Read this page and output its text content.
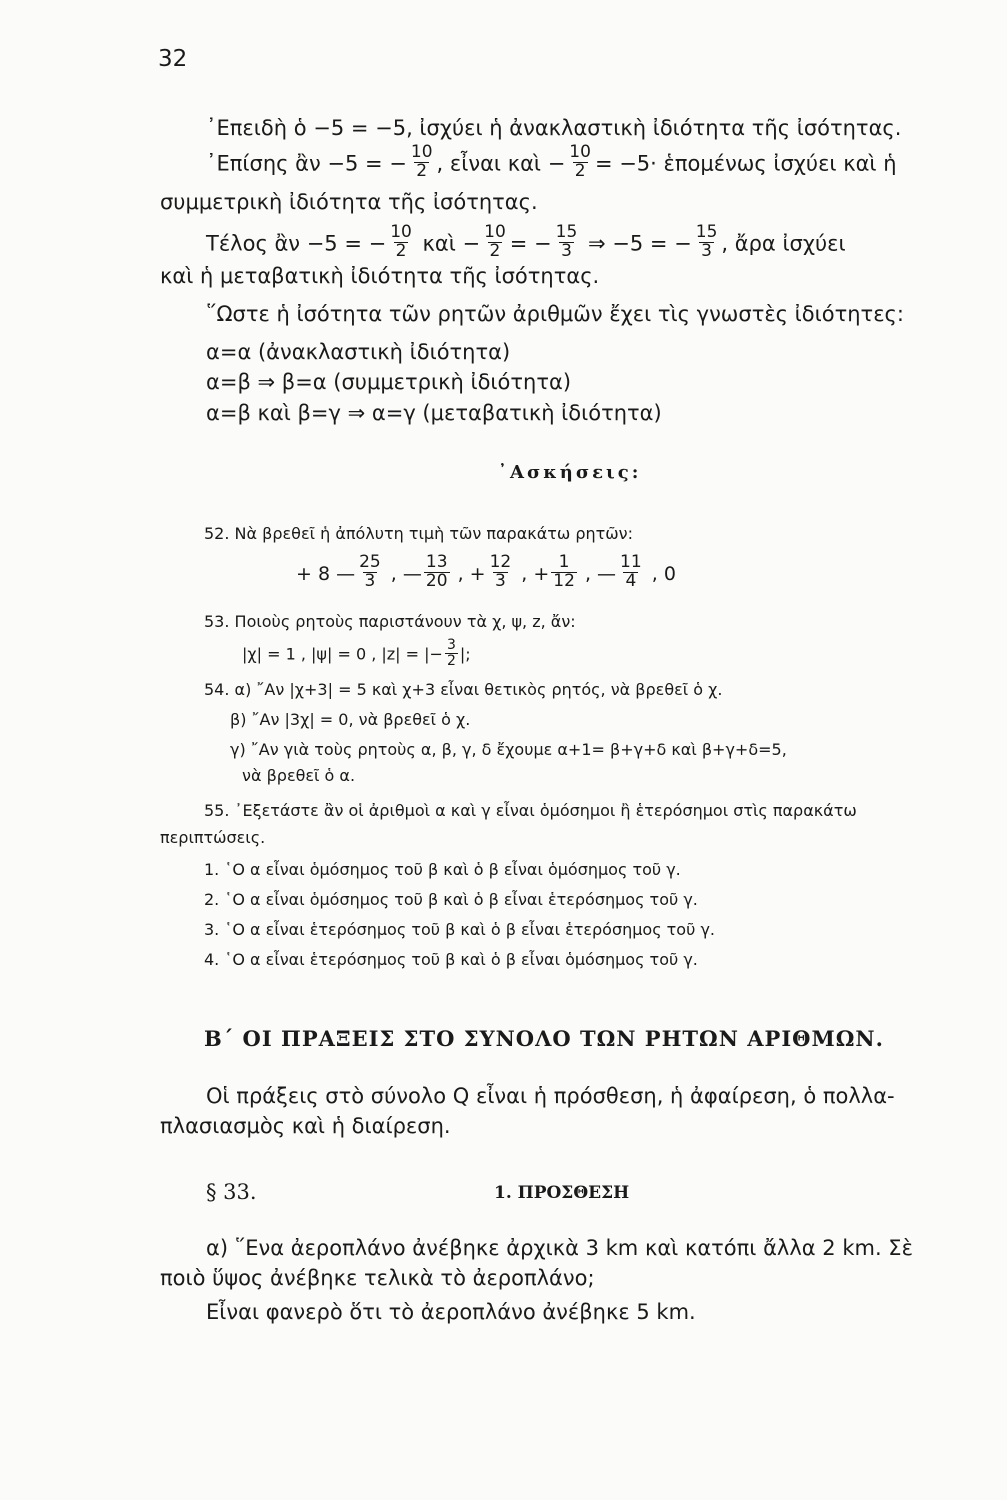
32
᾿Επειδὴ ὁ −5 = −5, ἰσχύει ἡ ἀνακλαστικὴ ἰδιότητα τῆς ἰσότητας.
᾿Επίσης ἂν −5 = − $\frac{10}{2}$ , εἶναι καὶ − $\frac{10}{2} = -5\cdot$ ἑπομένως ἰσχύει καὶ ἡ
συμμετρικὴ ἰδιότητα τῆς ἰσότητας.
Τέλος ἂν −5 = − $\frac{10}{2}$ καὶ − $\frac{10}{2}$ = − $\frac{15}{3}$ ⇒ −5 = − $\frac{15}{3}$ , ἄρα ἰσχύει
καὶ ἡ μεταβατικὴ ἰδιότητα τῆς ἰσότητας.
῞Ωστε ἡ ἰσότητα τῶν ρητῶν ἀριθμῶν ἔχει τὶς γνωστὲς ἰδιότητες:
α=α (ἀνακλαστικὴ ἰδιότητα)
α=β ⇒ β=α (συμμετρικὴ ἰδιότητα)
α=β καὶ β=γ ⇒ α=γ (μεταβατικὴ ἰδιότητα)
᾿Ασκήσεις:
52. Νὰ βρεθεῖ ἡ ἀπόλυτη τιμὴ τῶν παρακάτω ρητῶν:
+ 8 — $\frac{25}{3}$ , — $\frac{13}{20}$ , + $\frac{12}{3}$ , + $\frac{1}{12}$ , — $\frac{11}{4}$ , 0
53. Ποιοὺς ρητοὺς παριστάνουν τὰ χ, ψ, z, ἄν:
|χ| = 1 , |ψ| = 0 , |z| = |− $\frac{3}{2}$ |;
54. α) ῎Αν |χ+3| = 5 καὶ χ+3 εἶναι θετικὸς ρητός, νὰ βρεθεῖ ὁ χ.
β) ῎Αν |3χ| = 0, νὰ βρεθεῖ ὁ χ.
γ) ῎Αν γιὰ τοὺς ρητοὺς α, β, γ, δ ἔχουμε α+1= β+γ+δ καὶ β+γ+δ=5,
νὰ βρεθεῖ ὁ α.
55. ᾿Εξετάστε ἂν οἱ ἀριθμοὶ α καὶ γ εἶναι ὁμόσημοι ἢ ἑτερόσημοι στὶς παρακάτω
περιπτώσεις.
1. ῾Ο α εἶναι ὁμόσημος τοῦ β καὶ ὁ β εἶναι ὁμόσημος τοῦ γ.
2. ῾Ο α εἶναι ὁμόσημος τοῦ β καὶ ὁ β εἶναι ἑτερόσημος τοῦ γ.
3. ῾Ο α εἶναι ἑτερόσημος τοῦ β καὶ ὁ β εἶναι ἑτερόσημος τοῦ γ.
4. ῾Ο α εἶναι ἑτερόσημος τοῦ β καὶ ὁ β εἶναι ὁμόσημος τοῦ γ.
Β΄ ΟΙ ΠΡΑΞΕΙΣ ΣΤΟ ΣΥΝΟΛΟ ΤΩΝ ΡΗΤΩΝ ΑΡΙΘΜΩΝ.
Οἱ πράξεις στὸ σύνολο Q εἶναι ἡ πρόσθεση, ἡ ἀφαίρεση, ὁ πολλα-
πλασιασμὸς καὶ ἡ διαίρεση.
§ 33.	1. ΠΡΟΣΘΕΣΗ
α) ῞Ενα ἀεροπλάνο ἀνέβηκε ἀρχικὰ 3 km καὶ κατόπι ἄλλα 2 km. Σὲ
ποιὸ ὕψος ἀνέβηκε τελικὰ τὸ ἀεροπλάνο;
Εἶναι φανερὸ ὅτι τὸ ἀεροπλάνο ἀνέβηκε 5 km.
